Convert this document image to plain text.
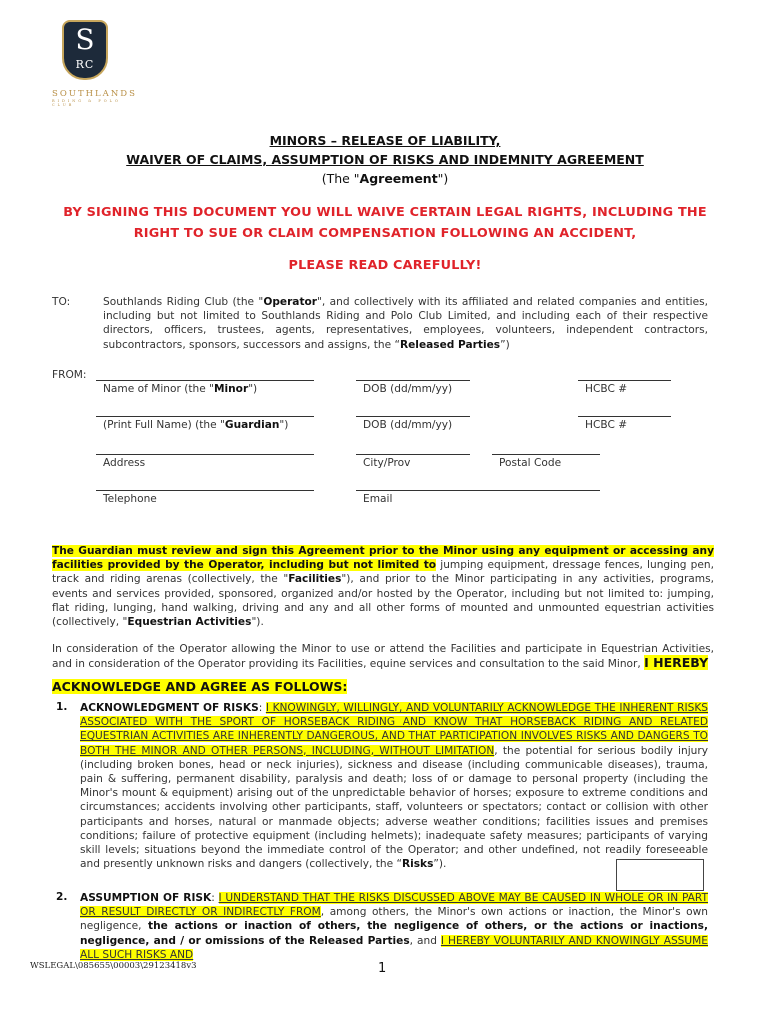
S
RC
SOUTHLANDS
RIDING & POLO CLUB
MINORS – RELEASE OF LIABILITY,
WAIVER OF CLAIMS, ASSUMPTION OF RISKS AND INDEMNITY AGREEMENT
(The "Agreement")
BY SIGNING THIS DOCUMENT YOU WILL WAIVE CERTAIN LEGAL RIGHTS, INCLUDING THE
RIGHT TO SUE OR CLAIM COMPENSATION FOLLOWING AN ACCIDENT,
PLEASE READ CAREFULLY!
TO:	Southlands Riding Club (the "Operator", and collectively with its affiliated and related companies and entities, including but not limited to Southlands Riding and Polo Club Limited, and including each of their respective directors, officers, trustees, agents, representatives, employees, volunteers, independent contractors, subcontractors, sponsors, successors and assigns, the “Released Parties”)
FROM:
Name of Minor (the "Minor")	DOB (dd/mm/yy)	HCBC #
(Print Full Name) (the "Guardian")	DOB (dd/mm/yy)	HCBC #
Address	City/Prov	Postal Code
Telephone	Email
The Guardian must review and sign this Agreement prior to the Minor using any equipment or accessing any facilities provided by the Operator, including but not limited to jumping equipment, dressage fences, lunging pen, track and riding arenas (collectively, the "Facilities"), and prior to the Minor participating in any activities, programs, events and services provided, sponsored, organized and/or hosted by the Operator, including but not limited to: jumping, flat riding, lunging, hand walking, driving and any and all other forms of mounted and unmounted equestrian activities (collectively, "Equestrian Activities").
In consideration of the Operator allowing the Minor to use or attend the Facilities and participate in Equestrian Activities, and in consideration of the Operator providing its Facilities, equine services and consultation to the said Minor, I HEREBY
ACKNOWLEDGE AND AGREE AS FOLLOWS:
1. ACKNOWLEDGMENT OF RISKS: I KNOWINGLY, WILLINGLY, AND VOLUNTARILY ACKNOWLEDGE THE INHERENT RISKS ASSOCIATED WITH THE SPORT OF HORSEBACK RIDING AND KNOW THAT HORSEBACK RIDING AND RELATED EQUESTRIAN ACTIVITIES ARE INHERENTLY DANGEROUS, AND THAT PARTICIPATION INVOLVES RISKS AND DANGERS TO BOTH THE MINOR AND OTHER PERSONS, INCLUDING, WITHOUT LIMITATION, the potential for serious bodily injury (including broken bones, head or neck injuries), sickness and disease (including communicable diseases), trauma, pain & suffering, permanent disability, paralysis and death; loss of or damage to personal property (including the Minor's mount & equipment) arising out of the unpredictable behavior of horses; exposure to extreme conditions and circumstances; accidents involving other participants, staff, volunteers or spectators; contact or collision with other participants and horses, natural or manmade objects; adverse weather conditions; facilities issues and premises conditions; failure of protective equipment (including helmets); inadequate safety measures; participants of varying skill levels; situations beyond the immediate control of the Operator; and other undefined, not readily foreseeable and presently unknown risks and dangers (collectively, the “Risks”).
2. ASSUMPTION OF RISK: I UNDERSTAND THAT THE RISKS DISCUSSED ABOVE MAY BE CAUSED IN WHOLE OR IN PART OR RESULT DIRECTLY OR INDIRECTLY FROM, among others, the Minor's own actions or inaction, the Minor's own negligence, the actions or inaction of others, the negligence of others, or the actions or inactions, negligence, and / or omissions of the Released Parties, and I HEREBY VOLUNTARILY AND KNOWINGLY ASSUME ALL SUCH RISKS AND
WSLEGAL\085655\00003\29123418v3	1
